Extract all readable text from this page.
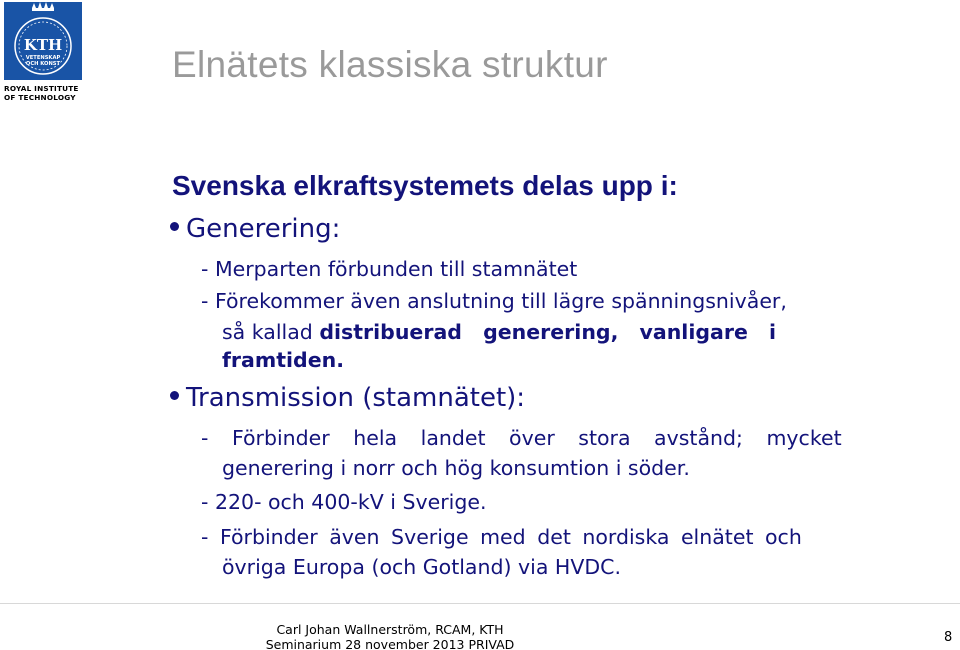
KTH
VETENSKAP
OCH KONST
ROYAL INSTITUTE
OF TECHNOLOGY
Elnätets klassiska struktur
Svenska elkraftsystemets delas upp i:
Generering:
- Merparten förbunden till stamnätet
- Förekommer även anslutning till lägre spänningsnivåer,
så kallad distribuerad generering, vanligare i
framtiden.
Transmission (stamnätet):
- Förbinder hela landet över stora avstånd; mycket
generering i norr och hög konsumtion i söder.
- 220- och 400-kV i Sverige.
- Förbinder även Sverige med det nordiska elnätet och
övriga Europa (och Gotland) via HVDC.
Carl Johan Wallnerström, RCAM, KTH
Seminarium 28 november 2013 PRIVAD	8
